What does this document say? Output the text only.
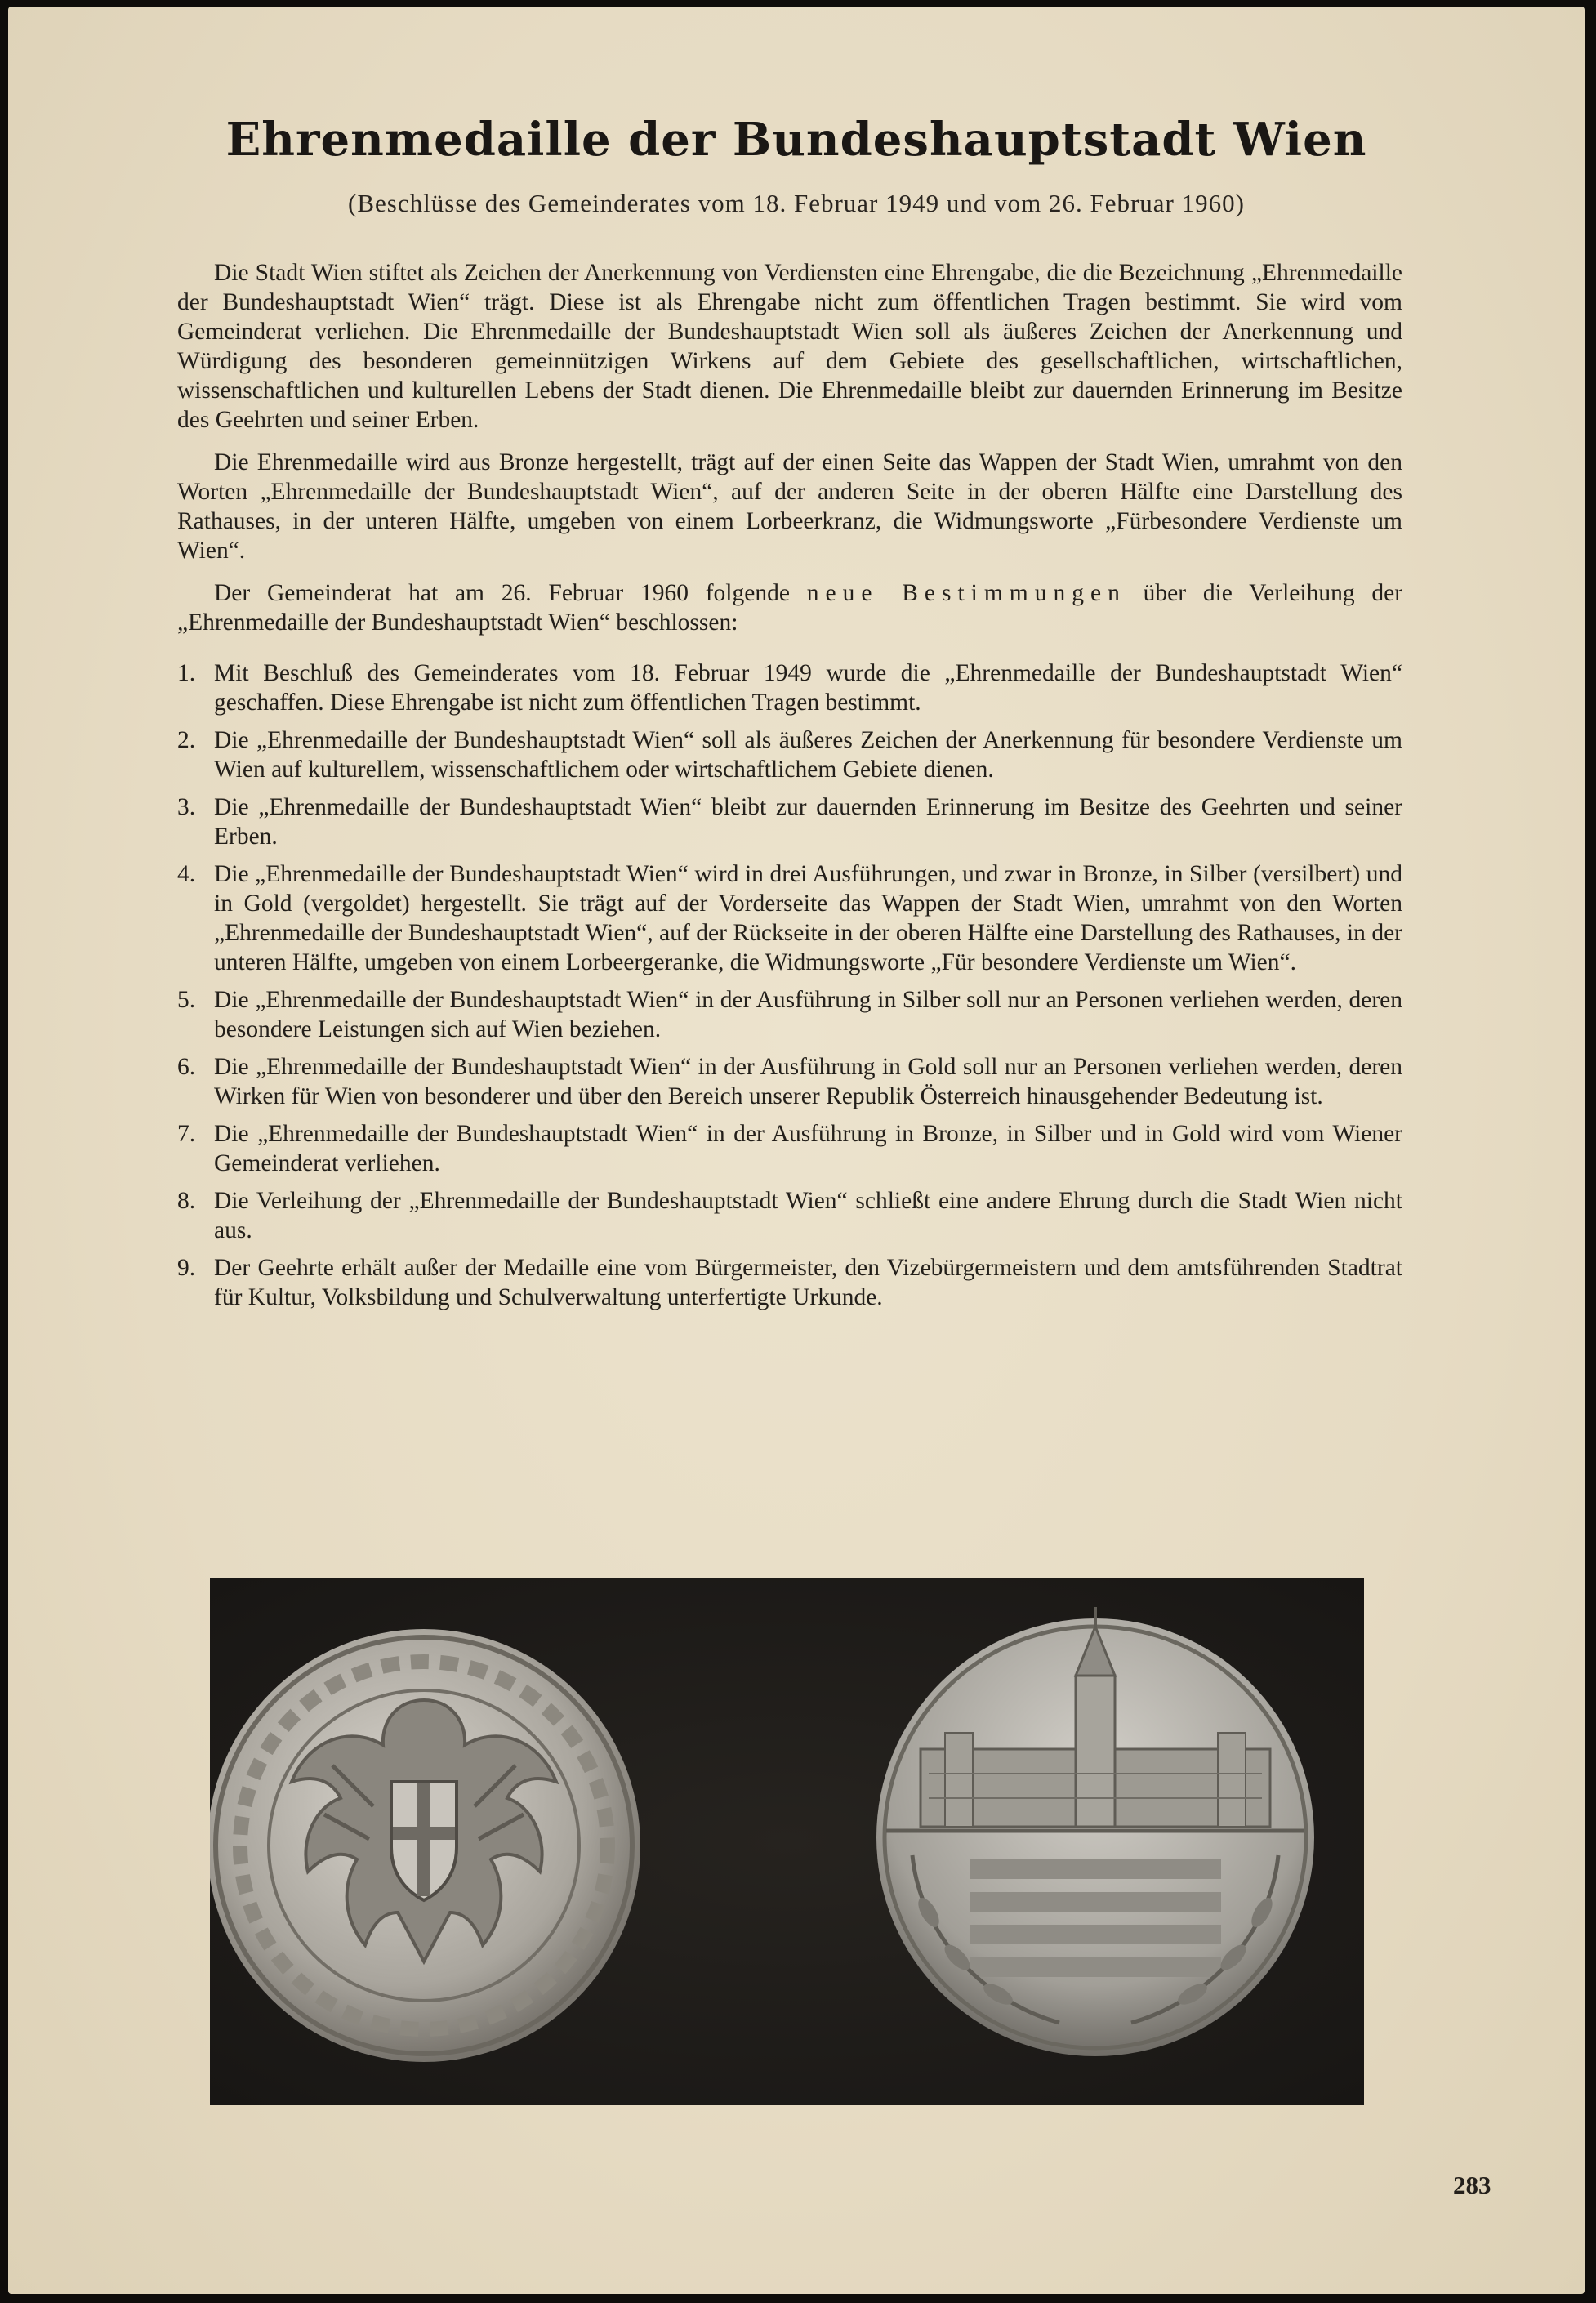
Ehrenmedaille der Bundeshauptstadt Wien
(Beschlüsse des Gemeinderates vom 18. Februar 1949 und vom 26. Februar 1960)

Die Stadt Wien stiftet als Zeichen der Anerkennung von Verdiensten eine Ehrengabe, die die Bezeichnung „Ehrenmedaille der Bundeshauptstadt Wien“ trägt. Diese ist als Ehrengabe nicht zum öffentlichen Tragen bestimmt. Sie wird vom Gemeinderat verliehen. Die Ehrenmedaille der Bundeshauptstadt Wien soll als äußeres Zeichen der Anerkennung und Würdigung des besonderen gemeinnützigen Wirkens auf dem Gebiete des gesellschaftlichen, wirtschaftlichen, wissenschaftlichen und kulturellen Lebens der Stadt dienen. Die Ehrenmedaille bleibt zur dauernden Erinnerung im Besitze des Geehrten und seiner Erben.

Die Ehrenmedaille wird aus Bronze hergestellt, trägt auf der einen Seite das Wappen der Stadt Wien, umrahmt von den Worten „Ehrenmedaille der Bundeshauptstadt Wien“, auf der anderen Seite in der oberen Hälfte eine Darstellung des Rathauses, in der unteren Hälfte, umgeben von einem Lorbeerkranz, die Widmungsworte „Fürbesondere Verdienste um Wien“.

Der Gemeinderat hat am 26. Februar 1960 folgende neue Bestimmungen über die Verleihung der „Ehrenmedaille der Bundeshauptstadt Wien“ beschlossen:

1. Mit Beschluß des Gemeinderates vom 18. Februar 1949 wurde die „Ehrenmedaille der Bundeshauptstadt Wien“ geschaffen. Diese Ehrengabe ist nicht zum öffentlichen Tragen bestimmt.
2. Die „Ehrenmedaille der Bundeshauptstadt Wien“ soll als äußeres Zeichen der Anerkennung für besondere Verdienste um Wien auf kulturellem, wissenschaftlichem oder wirtschaftlichem Gebiete dienen.
3. Die „Ehrenmedaille der Bundeshauptstadt Wien“ bleibt zur dauernden Erinnerung im Besitze des Geehrten und seiner Erben.
4. Die „Ehrenmedaille der Bundeshauptstadt Wien“ wird in drei Ausführungen, und zwar in Bronze, in Silber (versilbert) und in Gold (vergoldet) hergestellt. Sie trägt auf der Vorderseite das Wappen der Stadt Wien, umrahmt von den Worten „Ehrenmedaille der Bundeshauptstadt Wien“, auf der Rückseite in der oberen Hälfte eine Darstellung des Rathauses, in der unteren Hälfte, umgeben von einem Lorbeergeranke, die Widmungsworte „Für besondere Verdienste um Wien“.
5. Die „Ehrenmedaille der Bundeshauptstadt Wien“ in der Ausführung in Silber soll nur an Personen verliehen werden, deren besondere Leistungen sich auf Wien beziehen.
6. Die „Ehrenmedaille der Bundeshauptstadt Wien“ in der Ausführung in Gold soll nur an Personen verliehen werden, deren Wirken für Wien von besonderer und über den Bereich unserer Republik Österreich hinausgehender Bedeutung ist.
7. Die „Ehrenmedaille der Bundeshauptstadt Wien“ in der Ausführung in Bronze, in Silber und in Gold wird vom Wiener Gemeinderat verliehen.
8. Die Verleihung der „Ehrenmedaille der Bundeshauptstadt Wien“ schließt eine andere Ehrung durch die Stadt Wien nicht aus.
9. Der Geehrte erhält außer der Medaille eine vom Bürgermeister, den Vizebürgermeistern und dem amtsführenden Stadtrat für Kultur, Volksbildung und Schulverwaltung unterfertigte Urkunde.
283
